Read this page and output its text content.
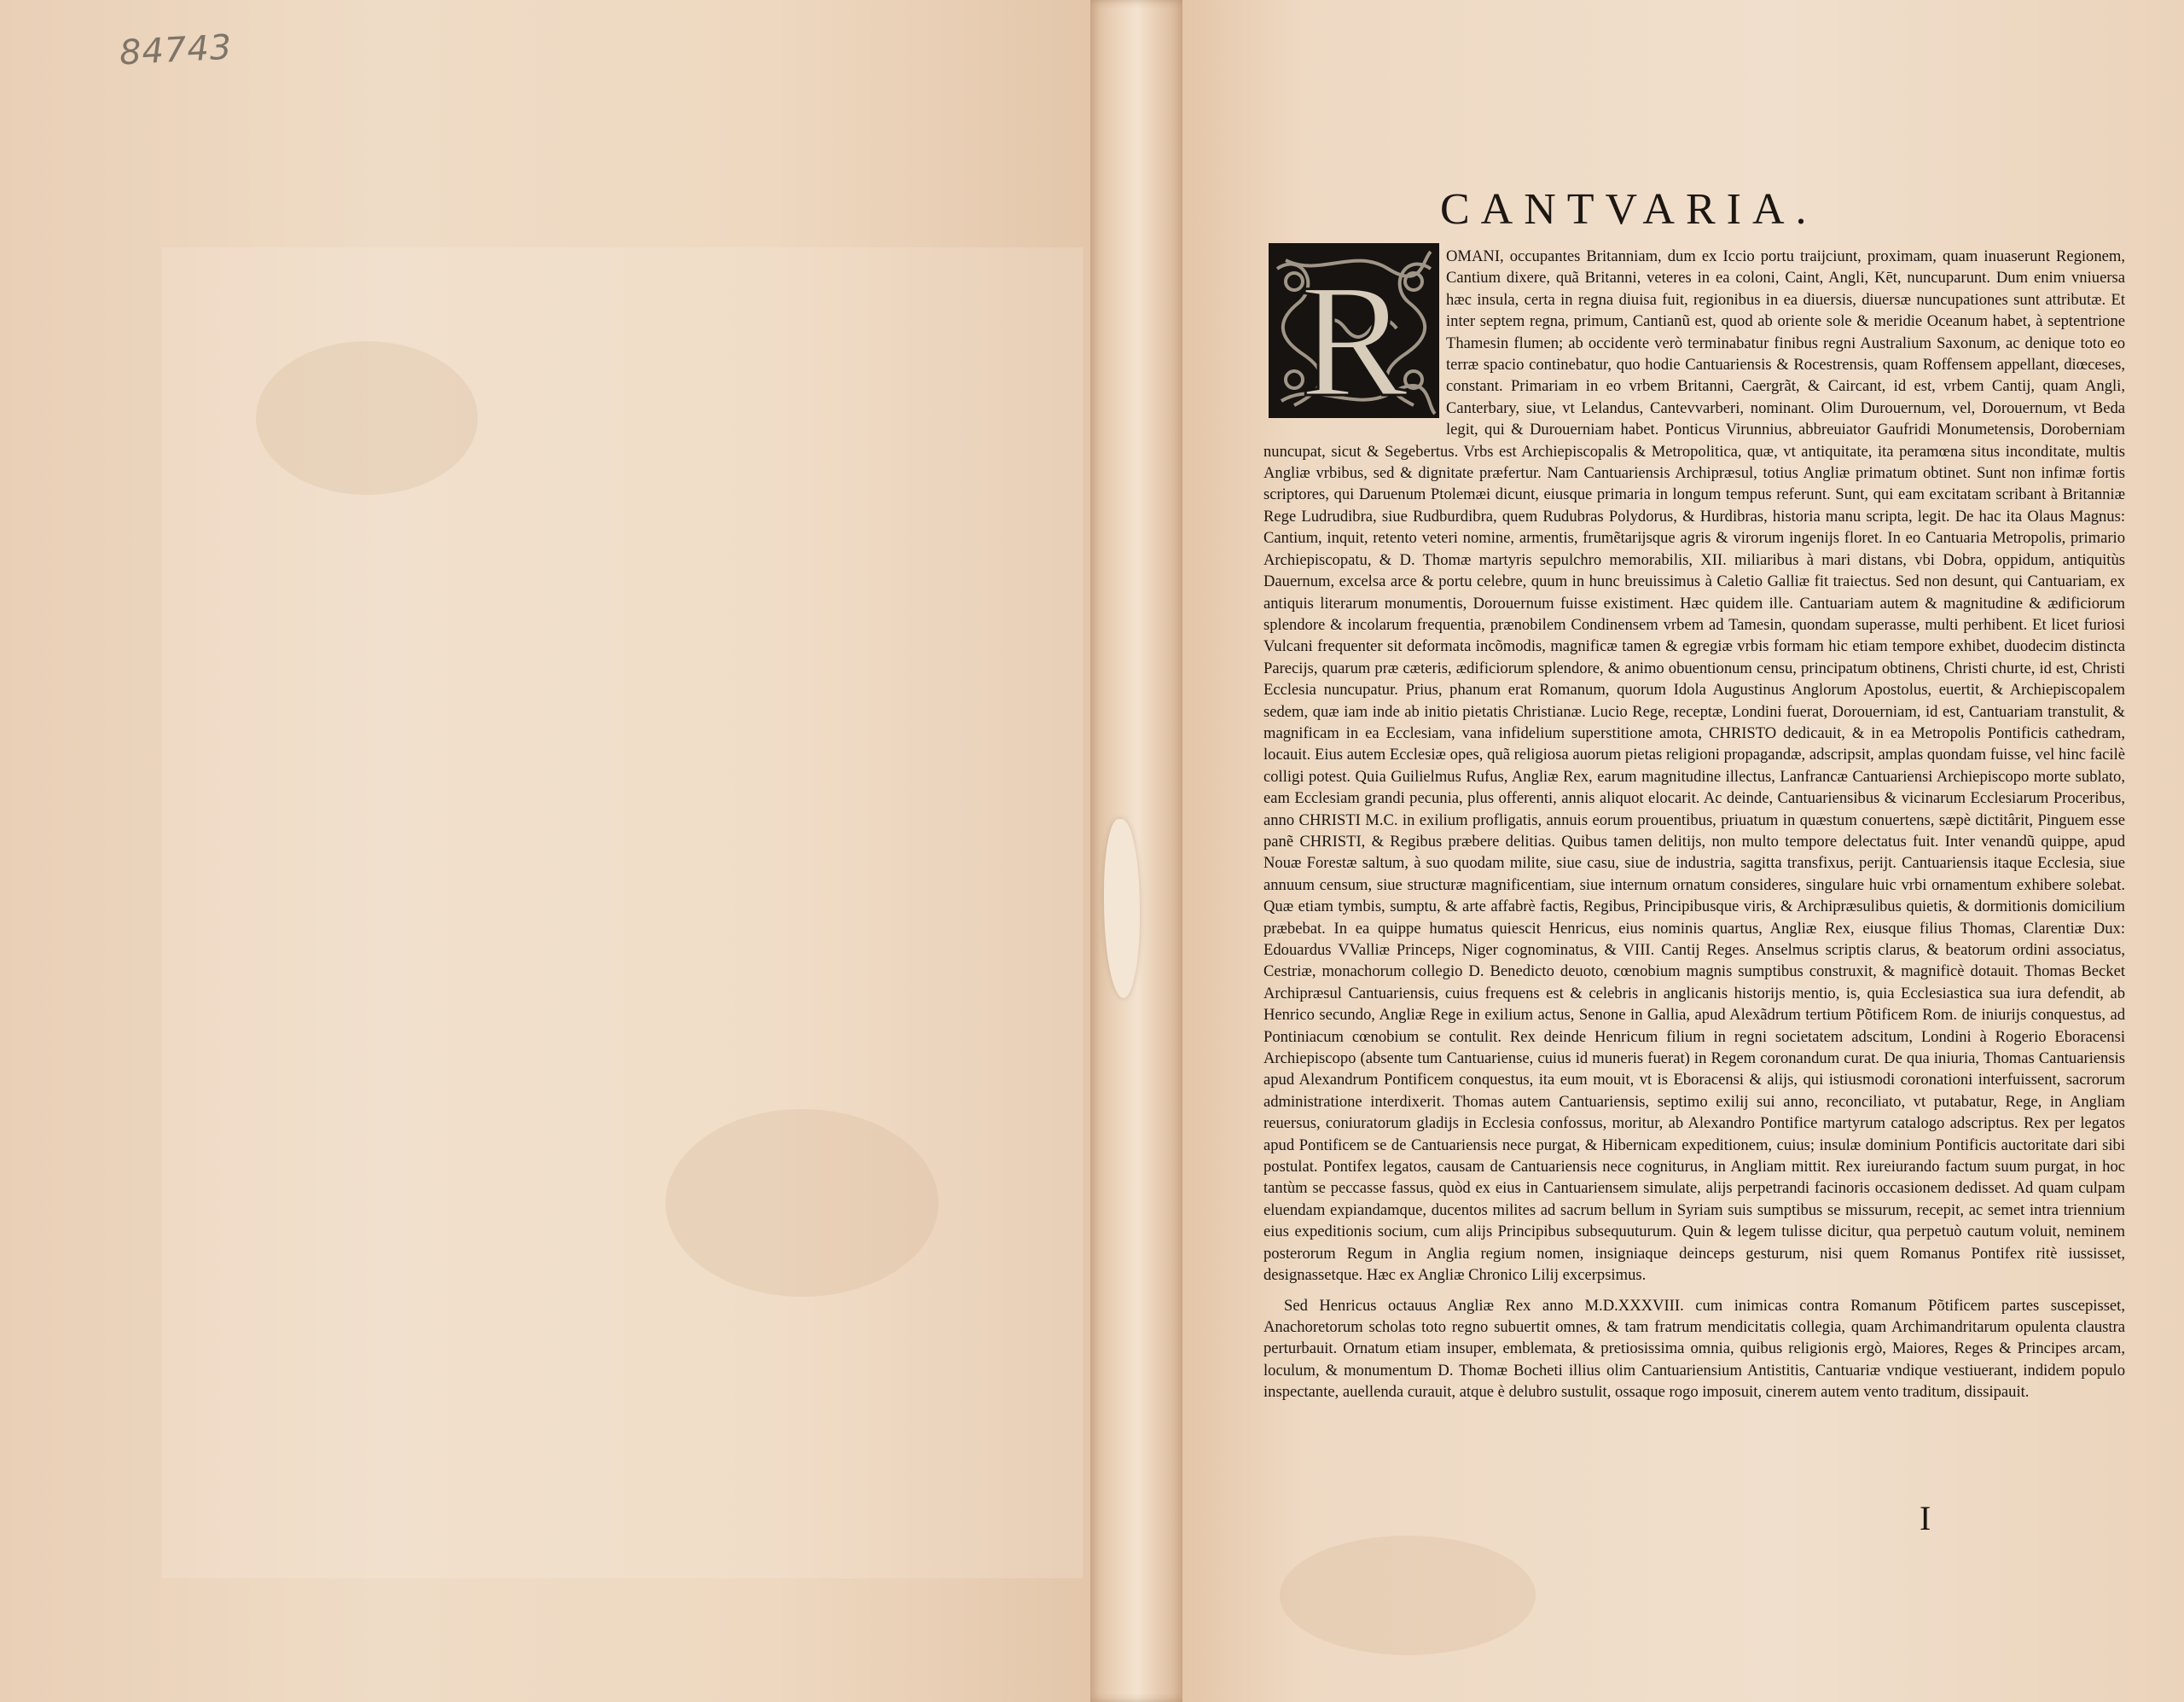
84743
CANTVARIA.
R	OMANI, occupantes Britanniam, dum ex Iccio portu traijciunt, proximam, quam inuaserunt Regionem, Cantium dixere, quã Britanni, veteres in ea coloni, Caint, Angli, Kēt, nuncuparunt. Dum enim vniuersa hæc insula, certa in regna diuisa fuit, regionibus in ea diuersis, diuersæ nuncupationes sunt attributæ. Et inter septem regna, primum, Cantianũ est, quod ab oriente sole & meridie Oceanum habet, à septentrione Thamesin flumen; ab occidente verò terminabatur finibus regni Australium Saxonum, ac denique toto eo terræ spacio continebatur, quo hodie Cantuariensis & Rocestrensis, quam Roffensem appellant, diœceses, constant. Primariam in eo vrbem Britanni, Caergrãt, & Caircant, id est, vrbem Cantij, quam Angli, Canterbary, siue, vt Lelandus, Cantevvarberi, nominant. Olim Durouernum, vel, Dorouernum, vt Beda legit, qui & Durouerniam habet. Ponticus Virunnius, abbreuiator Gaufridi Monumetensis, Doroberniam nuncupat, sicut & Segebertus. Vrbs est Archiepiscopalis & Metropolitica, quæ, vt antiquitate, ita peramœna situs inconditate, multis Angliæ vrbibus, sed & dignitate præfertur. Nam Cantuariensis Archipræsul, totius Angliæ primatum obtinet. Sunt non infimæ fortis scriptores, qui Daruenum Ptolemæi dicunt, eiusque primaria in longum tempus referunt. Sunt, qui eam excitatam scribant à Britanniæ Rege Ludrudibra, siue Rudburdibra, quem Rudubras Polydorus, & Hurdibras, historia manu scripta, legit. De hac ita Olaus Magnus: Cantium, inquit, retento veteri nomine, armentis, frumẽtarijsque agris & virorum ingenijs floret. In eo Cantuaria Metropolis, primario Archiepiscopatu, & D. Thomæ martyris sepulchro memorabilis, XII. miliaribus à mari distans, vbi Dobra, oppidum, antiquitùs Dauernum, excelsa arce & portu celebre, quum in hunc breuissimus à Caletio Galliæ fit traiectus. Sed non desunt, qui Cantuariam, ex antiquis literarum monumentis, Dorouernum fuisse existiment. Hæc quidem ille. Cantuariam autem & magnitudine & ædificiorum splendore & incolarum frequentia, prænobilem Condinensem vrbem ad Tamesin, quondam superasse, multi perhibent. Et licet furiosi Vulcani frequenter sit deformata incõmodis, magnificæ tamen & egregiæ vrbis formam hic etiam tempore exhibet, duodecim distincta Parecijs, quarum præ cæteris, ædificiorum splendore, & animo obuentionum censu, principatum obtinens, Christi churte, id est, Christi Ecclesia nuncupatur. Prius, phanum erat Romanum, quorum Idola Augustinus Anglorum Apostolus, euertit, & Archiepiscopalem sedem, quæ iam inde ab initio pietatis Christianæ. Lucio Rege, receptæ, Londini fuerat, Dorouerniam, id est, Cantuariam transtulit, & magnificam in ea Ecclesiam, vana infidelium superstitione amota, CHRISTO dedicauit, & in ea Metropolis Pontificis cathedram, locauit. Eius autem Ecclesiæ opes, quã religiosa auorum pietas religioni propagandæ, adscripsit, amplas quondam fuisse, vel hinc facilè colligi potest. Quia Guilielmus Rufus, Angliæ Rex, earum magnitudine illectus, Lanfrancæ Cantuariensi Archiepiscopo morte sublato, eam Ecclesiam grandi pecunia, plus offerenti, annis aliquot elocarit. Ac deinde, Cantuariensibus & vicinarum Ecclesiarum Proceribus, anno CHRISTI M.C. in exilium profligatis, annuis eorum prouentibus, priuatum in quæstum conuertens, sæpè dictitârit, Pinguem esse panẽ CHRISTI, & Regibus præbere delitias. Quibus tamen delitijs, non multo tempore delectatus fuit. Inter venandũ quippe, apud Nouæ Forestæ saltum, à suo quodam milite, siue casu, siue de industria, sagitta transfixus, perijt. Cantuariensis itaque Ecclesia, siue annuum censum, siue structuræ magnificentiam, siue internum ornatum consideres, singulare huic vrbi ornamentum exhibere solebat. Quæ etiam tymbis, sumptu, & arte affabrè factis, Regibus, Principibusque viris, & Archipræsulibus quietis, & dormitionis domicilium præbebat. In ea quippe humatus quiescit Henricus, eius nominis quartus, Angliæ Rex, eiusque filius Thomas, Clarentiæ Dux: Edouardus VValliæ Princeps, Niger cognominatus, & VIII. Cantij Reges. Anselmus scriptis clarus, & beatorum ordini associatus, Cestriæ, monachorum collegio D. Benedicto deuoto, cœnobium magnis sumptibus construxit, & magnificè dotauit. Thomas Becket Archipræsul Cantuariensis, cuius frequens est & celebris in anglicanis historijs mentio, is, quia Ecclesiastica sua iura defendit, ab Henrico secundo, Angliæ Rege in exilium actus, Senone in Gallia, apud Alexãdrum tertium Põtificem Rom. de iniurijs conquestus, ad Pontiniacum cœnobium se contulit. Rex deinde Henricum filium in regni societatem adscitum, Londini à Rogerio Eboracensi Archiepiscopo (absente tum Cantuariense, cuius id muneris fuerat) in Regem coronandum curat. De qua iniuria, Thomas Cantuariensis apud Alexandrum Pontificem conquestus, ita eum mouit, vt is Eboracensi & alijs, qui istiusmodi coronationi interfuissent, sacrorum administratione interdixerit. Thomas autem Cantuariensis, septimo exilij sui anno, reconciliato, vt putabatur, Rege, in Angliam reuersus, coniuratorum gladijs in Ecclesia confossus, moritur, ab Alexandro Pontifice martyrum catalogo adscriptus. Rex per legatos apud Pontificem se de Cantuariensis nece purgat, & Hibernicam expeditionem, cuius; insulæ dominium Pontificis auctoritate dari sibi postulat. Pontifex legatos, causam de Cantuariensis nece cogniturus, in Angliam mittit. Rex iureiurando factum suum purgat, in hoc tantùm se peccasse fassus, quòd ex eius in Cantuariensem simulate, alijs perpetrandi facinoris occasionem dedisset. Ad quam culpam eluendam expiandamque, ducentos milites ad sacrum bellum in Syriam suis sumptibus se missurum, recepit, ac semet intra triennium eius expeditionis socium, cum alijs Principibus subsequuturum. Quin & legem tulisse dicitur, qua perpetuò cautum voluit, neminem posterorum Regum in Anglia regium nomen, insigniaque deinceps gesturum, nisi quem Romanus Pontifex ritè iussisset, designassetque. Hæc ex Angliæ Chronico Lilij excerpsimus.

Sed Henricus octauus Angliæ Rex anno M.D.XXXVIII. cum inimicas contra Romanum Põtificem partes suscepisset, Anachoretorum scholas toto regno subuertit omnes, & tam fratrum mendicitatis collegia, quam Archimandritarum opulenta claustra perturbauit. Ornatum etiam insuper, emblemata, & pretiosissima omnia, quibus religionis ergò, Maiores, Reges & Principes arcam, loculum, & monumentum D. Thomæ Bocheti illius olim Cantuariensium Antistitis, Cantuariæ vndique vestiuerant, indidem populo inspectante, auellenda curauit, atque è delubro sustulit, ossaque rogo imposuit, cinerem autem vento traditum, dissipauit.

I
